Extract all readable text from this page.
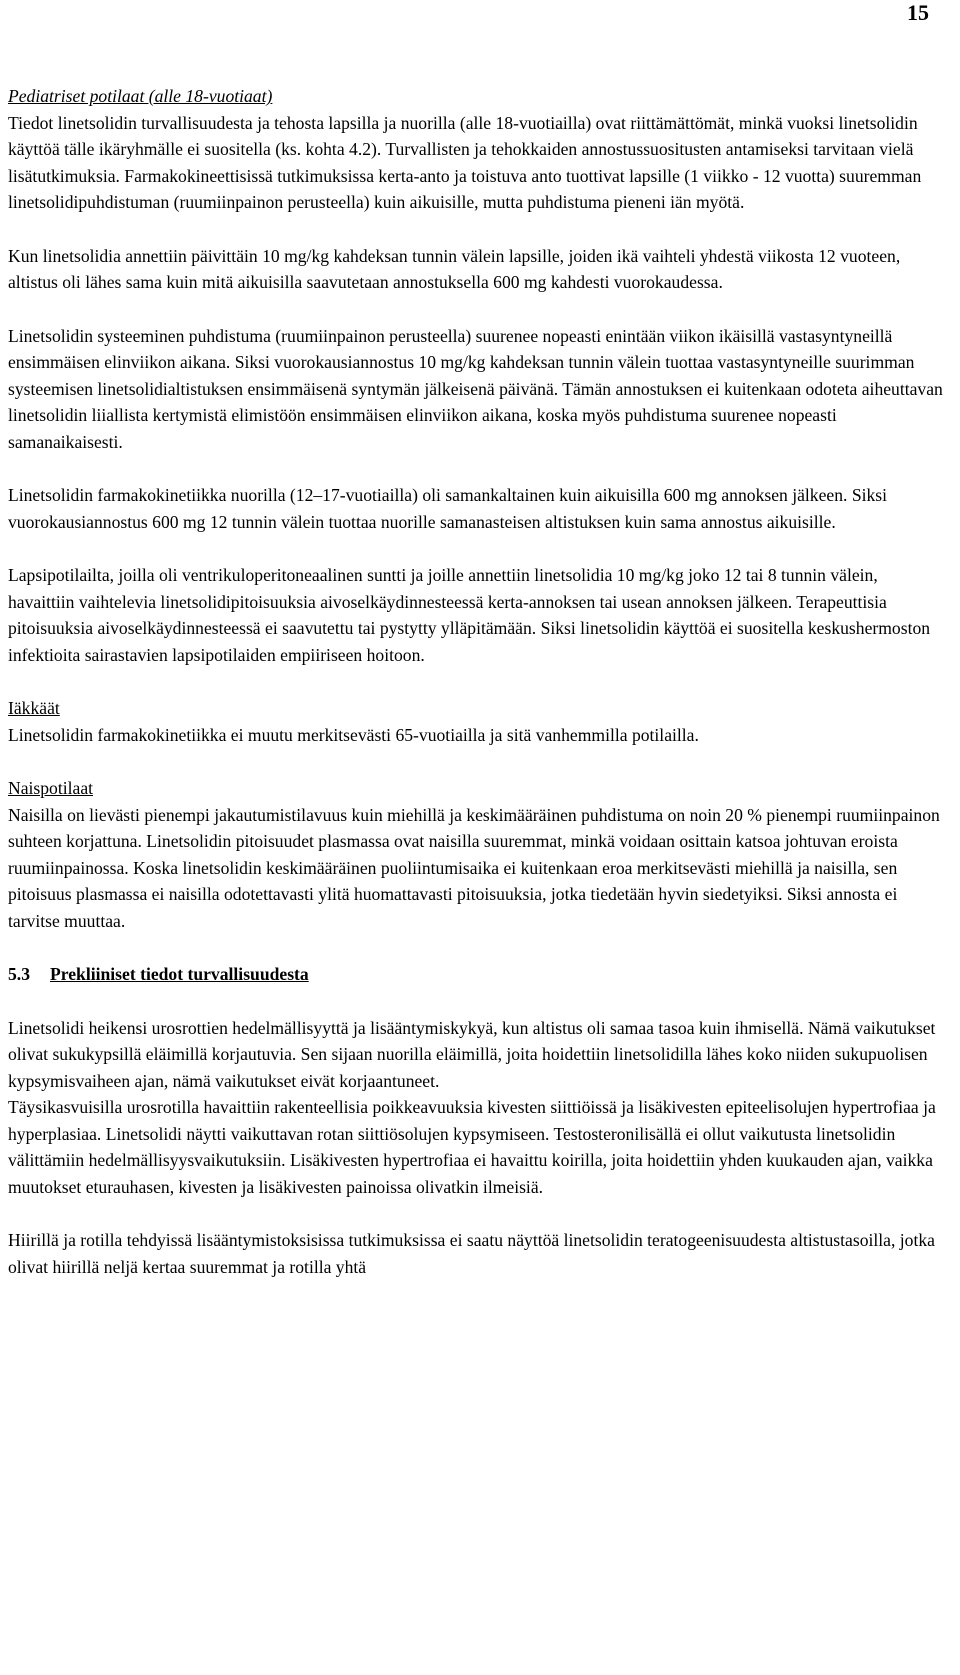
15

Pediatriset potilaat (alle 18-vuotiaat)

Tiedot linetsolidin turvallisuudesta ja tehosta lapsilla ja nuorilla (alle 18-vuotiailla) ovat riittämättömät, minkä vuoksi linetsolidin käyttöä tälle ikäryhmälle ei suositella (ks. kohta 4.2). Turvallisten ja tehokkaiden annostussuositusten antamiseksi tarvitaan vielä lisätutkimuksia. Farmakokineettisissä tutkimuksissa kerta-anto ja toistuva anto tuottivat lapsille (1 viikko - 12 vuotta) suuremman linetsolidipuhdistuman (ruumiinpainon perusteella) kuin aikuisille, mutta puhdistuma pieneni iän myötä.

Kun linetsolidia annettiin päivittäin 10 mg/kg kahdeksan tunnin välein lapsille, joiden ikä vaihteli yhdestä viikosta 12 vuoteen, altistus oli lähes sama kuin mitä aikuisilla saavutetaan annostuksella 600 mg kahdesti vuorokaudessa.

Linetsolidin systeeminen puhdistuma (ruumiinpainon perusteella) suurenee nopeasti enintään viikon ikäisillä vastasyntyneillä ensimmäisen elinviikon aikana. Siksi vuorokausiannostus 10 mg/kg kahdeksan tunnin välein tuottaa vastasyntyneille suurimman systeemisen linetsolidialtistuksen ensimmäisenä syntymän jälkeisenä päivänä. Tämän annostuksen ei kuitenkaan odoteta aiheuttavan linetsolidin liiallista kertymistä elimistöön ensimmäisen elinviikon aikana, koska myös puhdistuma suurenee nopeasti samanaikaisesti.

Linetsolidin farmakokinetiikka nuorilla (12–17-vuotiailla) oli samankaltainen kuin aikuisilla 600 mg annoksen jälkeen. Siksi vuorokausiannostus 600 mg 12 tunnin välein tuottaa nuorille samanasteisen altistuksen kuin sama annostus aikuisille.

Lapsipotilailta, joilla oli ventrikuloperitoneaalinen suntti ja joille annettiin linetsolidia 10 mg/kg joko 12 tai 8 tunnin välein, havaittiin vaihtelevia linetsolidipitoisuuksia aivoselkäydinnesteessä kerta-annoksen tai usean annoksen jälkeen. Terapeuttisia pitoisuuksia aivoselkäydinnesteessä ei saavutettu tai pystytty ylläpitämään. Siksi linetsolidin käyttöä ei suositella keskushermoston infektioita sairastavien lapsipotilaiden empiiriseen hoitoon.

Iäkkäät

Linetsolidin farmakokinetiikka ei muutu merkitsevästi 65-vuotiailla ja sitä vanhemmilla potilailla.

Naispotilaat

Naisilla on lievästi pienempi jakautumistilavuus kuin miehillä ja keskimääräinen puhdistuma on noin 20 % pienempi ruumiinpainon suhteen korjattuna. Linetsolidin pitoisuudet plasmassa ovat naisilla suuremmat, minkä voidaan osittain katsoa johtuvan eroista ruumiinpainossa. Koska linetsolidin keskimääräinen puoliintumisaika ei kuitenkaan eroa merkitsevästi miehillä ja naisilla, sen pitoisuus plasmassa ei naisilla odotettavasti ylitä huomattavasti pitoisuuksia, jotka tiedetään hyvin siedetyiksi. Siksi annosta ei tarvitse muuttaa.

5.3 Prekliiniset tiedot turvallisuudesta

Linetsolidi heikensi urosrottien hedelmällisyyttä ja lisääntymiskykyä, kun altistus oli samaa tasoa kuin ihmisellä. Nämä vaikutukset olivat sukukypsillä eläimillä korjautuvia. Sen sijaan nuorilla eläimillä, joita hoidettiin linetsolidilla lähes koko niiden sukupuolisen kypsymisvaiheen ajan, nämä vaikutukset eivät korjaantuneet.

Täysikasvuisilla urosrotilla havaittiin rakenteellisia poikkeavuuksia kivesten siittiöissä ja lisäkivesten epiteelisolujen hypertrofiaa ja hyperplasiaa. Linetsolidi näytti vaikuttavan rotan siittiösolujen kypsymiseen. Testosteronilisällä ei ollut vaikutusta linetsolidin välittämiin hedelmällisyysvaikutuksiin. Lisäkivesten hypertrofiaa ei havaittu koirilla, joita hoidettiin yhden kuukauden ajan, vaikka muutokset eturauhasen, kivesten ja lisäkivesten painoissa olivatkin ilmeisiä.

Hiirillä ja rotilla tehdyissä lisääntymistoksisissa tutkimuksissa ei saatu näyttöä linetsolidin teratogeenisuudesta altistustasoilla, jotka olivat hiirillä neljä kertaa suuremmat ja rotilla yhtä
